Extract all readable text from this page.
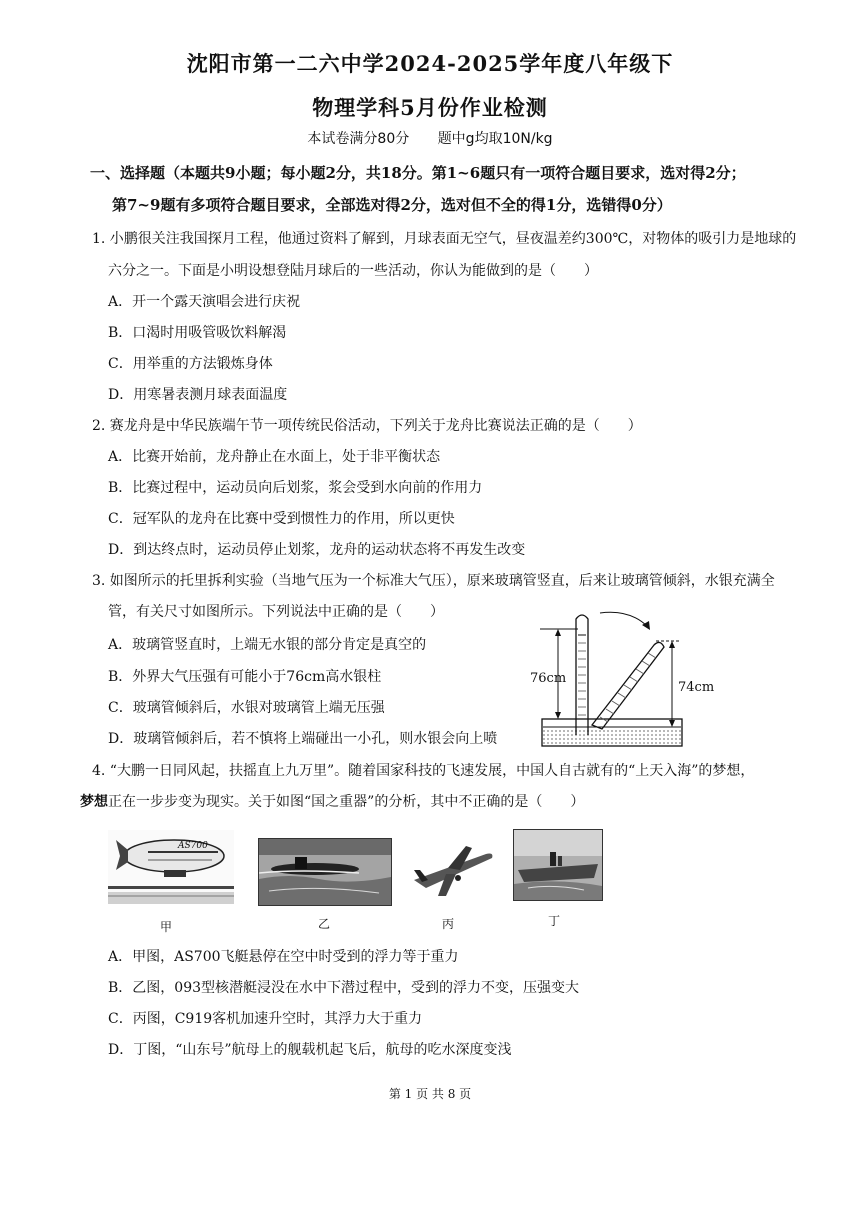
沈阳市第一二六中学2024-2025学年度八年级下
物理学科5月份作业检测
本试卷满分80分 题中g均取10N/kg
一、选择题（本题共9小题；每小题2分，共18分。第1~6题只有一项符合题目要求，选对得2分；
第7~9题有多项符合题目要求，全部选对得2分，选对但不全的得1分，选错得0分）
1. 小鹏很关注我国探月工程，他通过资料了解到，月球表面无空气，昼夜温差约300℃，对物体的吸引力是地球的
六分之一。下面是小明设想登陆月球后的一些活动，你认为能做到的是（　　）
A．开一个露天演唱会进行庆祝
B．口渴时用吸管吸饮料解渴
C．用举重的方法锻炼身体
D．用寒暑表测月球表面温度
2. 赛龙舟是中华民族端午节一项传统民俗活动，下列关于龙舟比赛说法正确的是（　　）
A．比赛开始前，龙舟静止在水面上，处于非平衡状态
B．比赛过程中，运动员向后划浆，浆会受到水向前的作用力
C．冠军队的龙舟在比赛中受到惯性力的作用，所以更快
D．到达终点时，运动员停止划浆，龙舟的运动状态将不再发生改变
3. 如图所示的托里拆利实验（当地气压为一个标准大气压），原来玻璃管竖直，后来让玻璃管倾斜，水银充满全
管，有关尺寸如图所示。下列说法中正确的是（　　）
A．玻璃管竖直时，上端无水银的部分肯定是真空的
B．外界大气压强有可能小于76cm高水银柱
C．玻璃管倾斜后，水银对玻璃管上端无压强
D．玻璃管倾斜后，若不慎将上端碰出一小孔，则水银会向上喷
76cm
74cm
4. “大鹏一日同风起，扶摇直上九万里”。随着国家科技的飞速发展，中国人自古就有的“上天入海”的梦想，
梦想正在一步步变为现实。关于如图“国之重器”的分析，其中不正确的是（　　）
AS700
甲	乙	丙	丁
A．甲图，AS700飞艇悬停在空中时受到的浮力等于重力
B．乙图，093型核潜艇浸没在水中下潜过程中，受到的浮力不变，压强变大
C．丙图，C919客机加速升空时，其浮力大于重力
D．丁图，“山东号”航母上的舰载机起飞后，航母的吃水深度变浅
第 1 页 共 8 页
